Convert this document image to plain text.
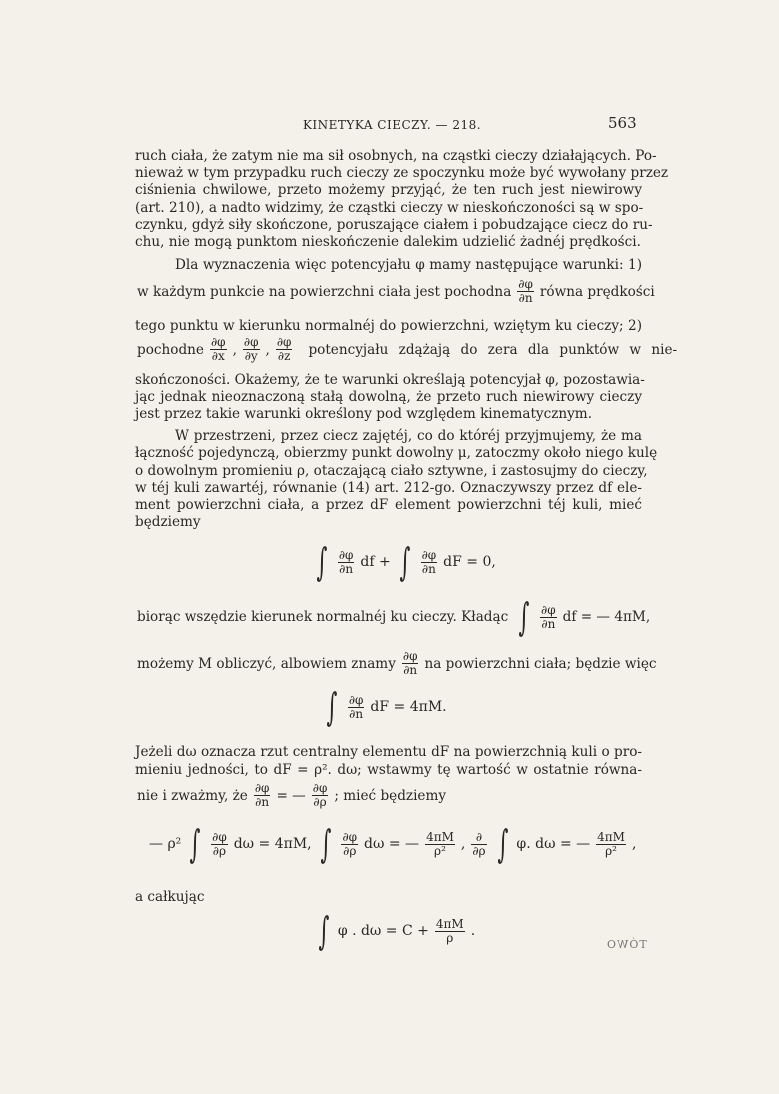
KINETYKA CIECZY. — 218.	563
ruch ciała, że zatym nie ma sił osobnych, na cząstki cieczy działających. Po-
nieważ w tym przypadku ruch cieczy ze spoczynku może być wywołany przez
ciśnienia chwilowe, przeto możemy przyjąć, że ten ruch jest niewirowy
(art. 210), a nadto widzimy, że cząstki cieczy w nieskończoności są w spo-
czynku, gdyż siły skończone, poruszające ciałem i pobudzające ciecz do ru-
chu, nie mogą punktom nieskończenie dalekim udzielić żadnéj prędkości.
Dla wyznaczenia więc potencyjału φ mamy następujące warunki: 1)
w każdym punkcie na powierzchni ciała jest pochodna $\frac{\partial\varphi}{\partial n}$ równa prędkości
tego punktu w kierunku normalnéj do powierzchni, wziętym ku cieczy; 2)
pochodne $\frac{\partial\varphi}{\partial x}$ , $\frac{\partial\varphi}{\partial y}$ , $\frac{\partial\varphi}{\partial z}$ potencyjału zdążają do zera dla punktów w nie-
skończoności. Okażemy, że te warunki określają potencyjał φ, pozostawia-
jąc jednak nieoznaczoną stałą dowolną, że przeto ruch niewirowy cieczy
jest przez takie warunki określony pod względem kinematycznym.
W przestrzeni, przez ciecz zajętéj, co do któréj przyjmujemy, że ma
łączność pojedynczą, obierzmy punkt dowolny μ, zatoczmy około niego kulę
o dowolnym promieniu ρ, otaczającą ciało sztywne, i zastosujmy do cieczy,
w téj kuli zawartéj, równanie (14) art. 212-go. Oznaczywszy przez df ele-
ment powierzchni ciała, a przez dF element powierzchni téj kuli, mieć
będziemy
∫ $\frac{\partial\varphi}{\partial n}$ df + ∫ $\frac{\partial\varphi}{\partial n}$ dF = 0,
biorąc wszędzie kierunek normalnéj ku cieczy. Kładąc ∫ $\frac{\partial\varphi}{\partial n}$ df = — 4πM,
możemy M obliczyć, albowiem znamy $\frac{\partial\varphi}{\partial n}$ na powierzchni ciała; będzie więc
∫ $\frac{\partial\varphi}{\partial n}$ dF = 4πM.
Jeżeli dω oznacza rzut centralny elementu dF na powierzchnią kuli o pro-
mieniu jedności, to dF = ρ². dω; wstawmy tę wartość w ostatnie równa-
nie i zważmy, że $\frac{\partial\varphi}{\partial n}$ = — $\frac{\partial\varphi}{\partial\rho}$ ; mieć będziemy
— ρ² ∫ $\frac{\partial\varphi}{\partial\rho}$ dω = 4πM, ∫ $\frac{\partial\varphi}{\partial\rho}$ dω = — $\frac{4\pi M}{\text{ρ²}}$ , $\frac{\partial}{\partial\rho}$ ∫ φ. dω = — $\frac{4\pi M}{\text{ρ²}}$ ,
a całkując
∫ φ . $d\omega = C + \frac{4\pi M}{\rho}$ .
TÓWO
